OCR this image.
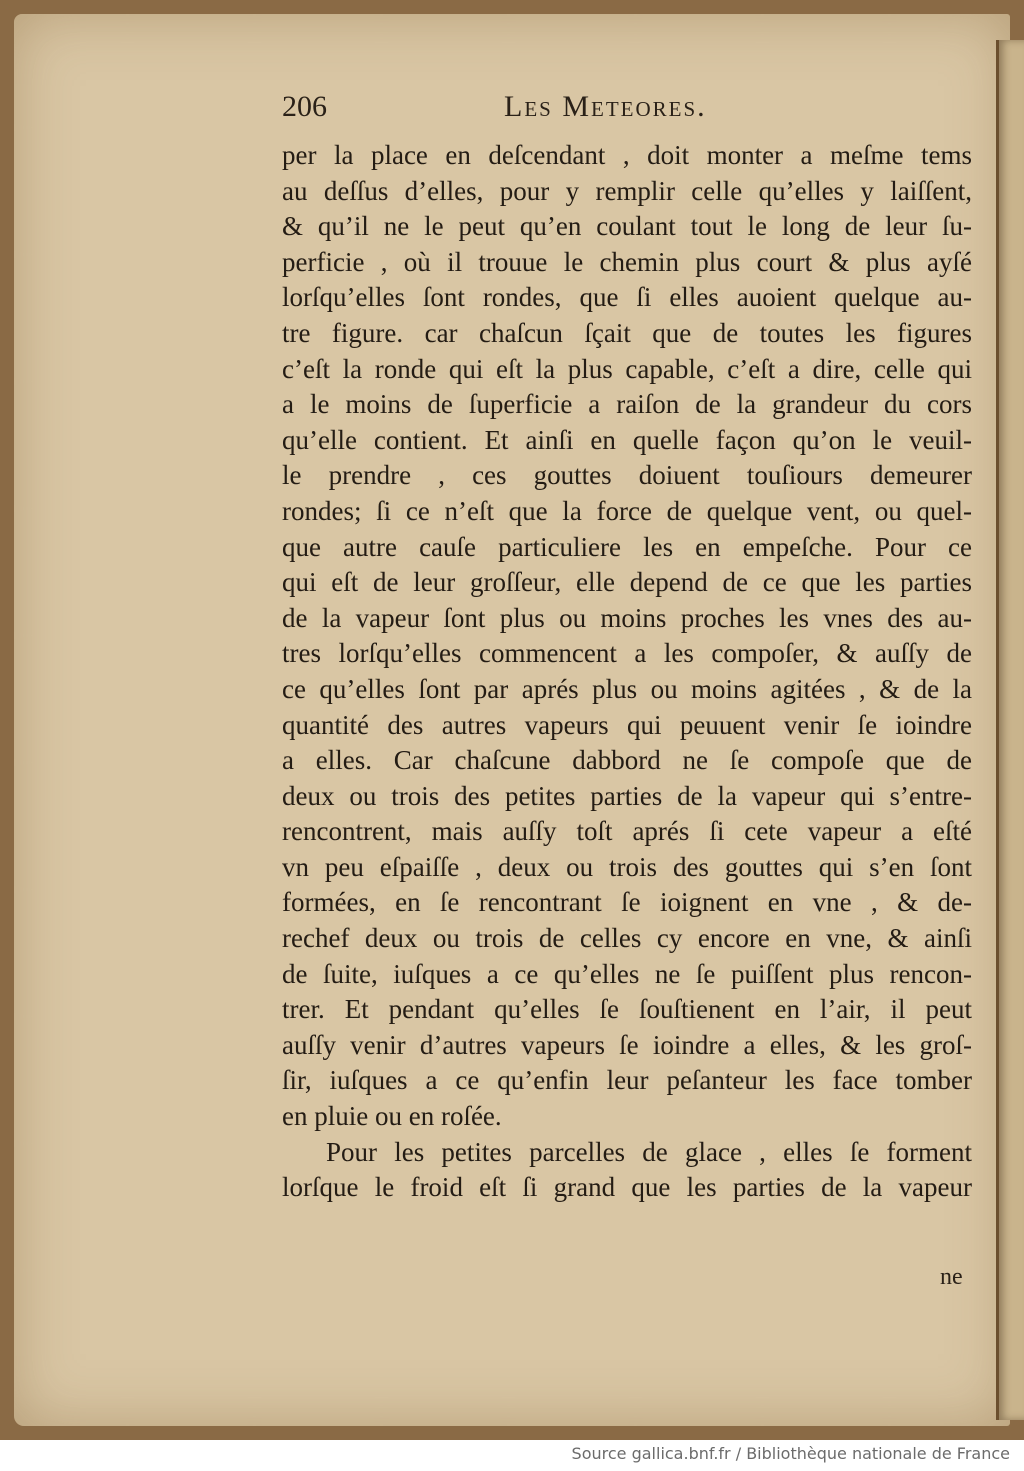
206	Les Meteores.
per la place en deſcendant , doit monter a meſme tems
au deſſus d’elles, pour y remplir celle qu’elles y laiſſent,
& qu’il ne le peut qu’en coulant tout le long de leur ſu-
perficie , où il trouue le chemin plus court & plus ayſé
lorſqu’elles ſont rondes, que ſi elles auoient quelque au-
tre figure. car chaſcun ſçait que de toutes les figures
c’eſt la ronde qui eſt la plus capable, c’eſt a dire, celle qui
a le moins de ſuperficie a raiſon de la grandeur du cors
qu’elle contient. Et ainſi en quelle façon qu’on le veuil-
le prendre , ces gouttes doiuent touſiours demeurer
rondes; ſi ce n’eſt que la force de quelque vent, ou quel-
que autre cauſe particuliere les en empeſche. Pour ce
qui eſt de leur groſſeur, elle depend de ce que les parties
de la vapeur ſont plus ou moins proches les vnes des au-
tres lorſqu’elles commencent a les compoſer, & auſſy de
ce qu’elles ſont par aprés plus ou moins agitées , & de la
quantité des autres vapeurs qui peuuent venir ſe ioindre
a elles. Car chaſcune dabbord ne ſe compoſe que de
deux ou trois des petites parties de la vapeur qui s’entre-
rencontrent, mais auſſy toſt aprés ſi cete vapeur a eſté
vn peu eſpaiſſe , deux ou trois des gouttes qui s’en ſont
formées, en ſe rencontrant ſe ioignent en vne , & de-
rechef deux ou trois de celles cy encore en vne, & ainſi
de ſuite, iuſques a ce qu’elles ne ſe puiſſent plus rencon-
trer. Et pendant qu’elles ſe ſouſtienent en l’air, il peut
auſſy venir d’autres vapeurs ſe ioindre a elles, & les groſ-
ſir, iuſques a ce qu’enfin leur peſanteur les face tomber
en pluie ou en roſée.
Pour les petites parcelles de glace , elles ſe forment
lorſque le froid eſt ſi grand que les parties de la vapeur
ne
Source gallica.bnf.fr / Bibliothèque nationale de France
